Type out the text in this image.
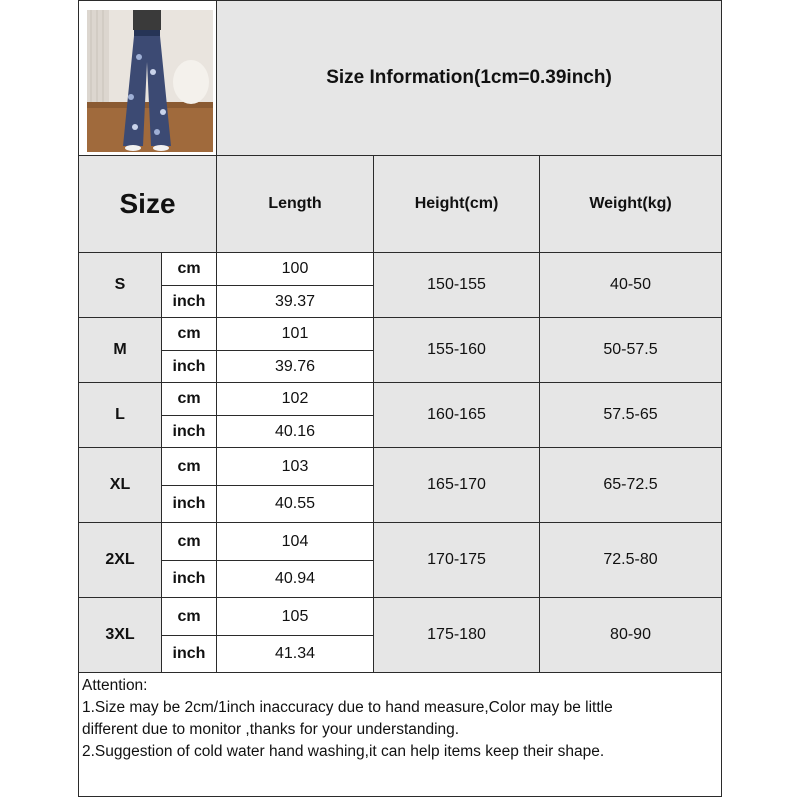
	Size Information(1cm=0.39inch)		
Size		Length	Height(cm)	Weight(kg)
S	cm	100	150-155	40-50
	inch	39.37		
M	cm	101	155-160	50-57.5
	inch	39.76		
L	cm	102	160-165	57.5-65
	inch	40.16		
XL	cm	103	165-170	65-72.5
	inch	40.55		
2XL	cm	104	170-175	72.5-80
	inch	40.94		
3XL	cm	105	175-180	80-90
	inch	41.34		

Attention:
1.Size may be 2cm/1inch inaccuracy due to hand measure,Color may be little
different due to monitor ,thanks for your understanding.
2.Suggestion of cold water hand washing,it can help items keep their shape.				
